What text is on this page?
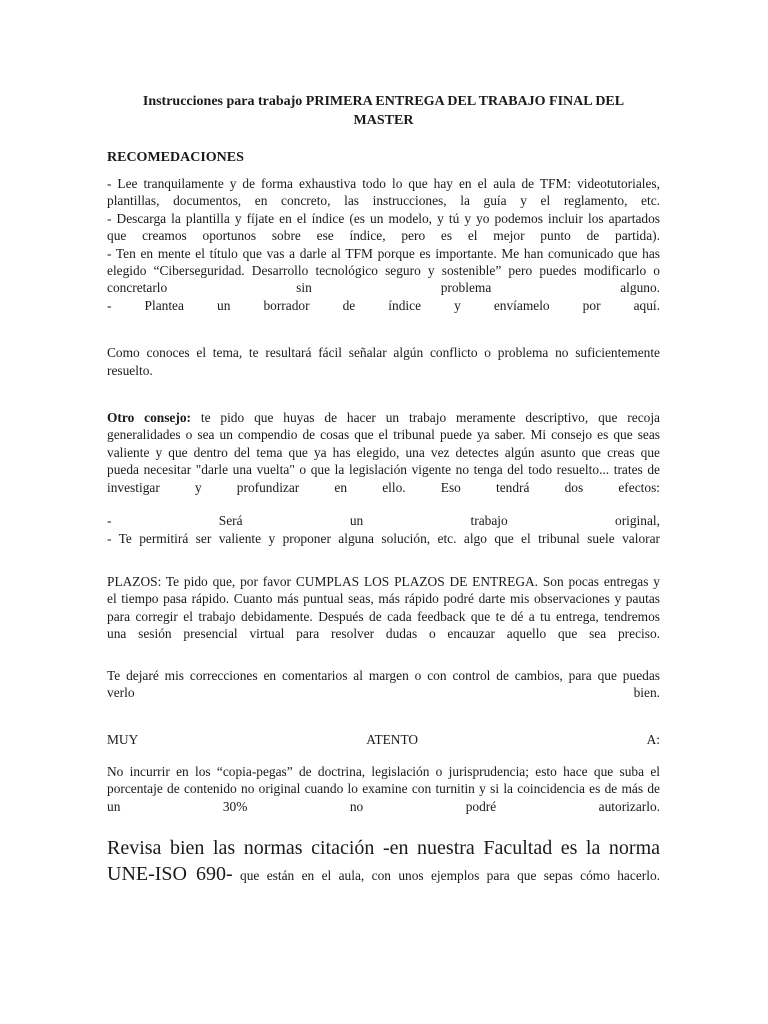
Instrucciones para trabajo PRIMERA ENTREGA DEL TRABAJO FINAL DEL
MASTER
RECOMEDACIONES
- Lee tranquilamente y de forma exhaustiva todo lo que hay en el aula de TFM: videotutoriales,
plantillas, documentos, en concreto, las instrucciones, la guía y el reglamento, etc.
- Descarga la plantilla y fíjate en el índice (es un modelo, y tú y yo podemos incluir los apartados
que creamos oportunos sobre ese índice, pero es el mejor punto de partida).
- Ten en mente el título que vas a darle al TFM porque es importante. Me han comunicado que has
elegido “Ciberseguridad. Desarrollo tecnológico seguro y sostenible” pero puedes modificarlo o
concretarlo sin problema alguno.
- Plantea un borrador de índice y envíamelo por aquí.
Como conoces el tema, te resultará fácil señalar algún conflicto o problema no suficientemente
resuelto.
Otro consejo: te pido que huyas de hacer un trabajo meramente descriptivo, que recoja
generalidades o sea un compendio de cosas que el tribunal puede ya saber. Mi consejo es que seas
valiente y que dentro del tema que ya has elegido, una vez detectes algún asunto que creas que
pueda necesitar "darle una vuelta" o que la legislación vigente no tenga del todo resuelto... trates de
investigar y profundizar en ello. Eso tendrá dos efectos:
- Será un trabajo original,
- Te permitirá ser valiente y proponer alguna solución, etc. algo que el tribunal suele valorar
PLAZOS: Te pido que, por favor CUMPLAS LOS PLAZOS DE ENTREGA. Son pocas entregas y
el tiempo pasa rápido. Cuanto más puntual seas, más rápido podré darte mis observaciones y pautas
para corregir el trabajo debidamente. Después de cada feedback que te dé a tu entrega, tendremos
una sesión presencial virtual para resolver dudas o encauzar aquello que sea preciso.
Te dejaré mis correcciones en comentarios al margen o con control de cambios, para que puedas
verlo bien.
MUY ATENTO A:
No incurrir en los “copia-pegas” de doctrina, legislación o jurisprudencia; esto hace que suba el
porcentaje de contenido no original cuando lo examine con turnitin y si la coincidencia es de más de
un 30% no podré autorizarlo.
Revisa bien las normas citación -en nuestra Facultad es la norma
UNE-ISO 690- que están en el aula, con unos ejemplos para que sepas cómo hacerlo.
